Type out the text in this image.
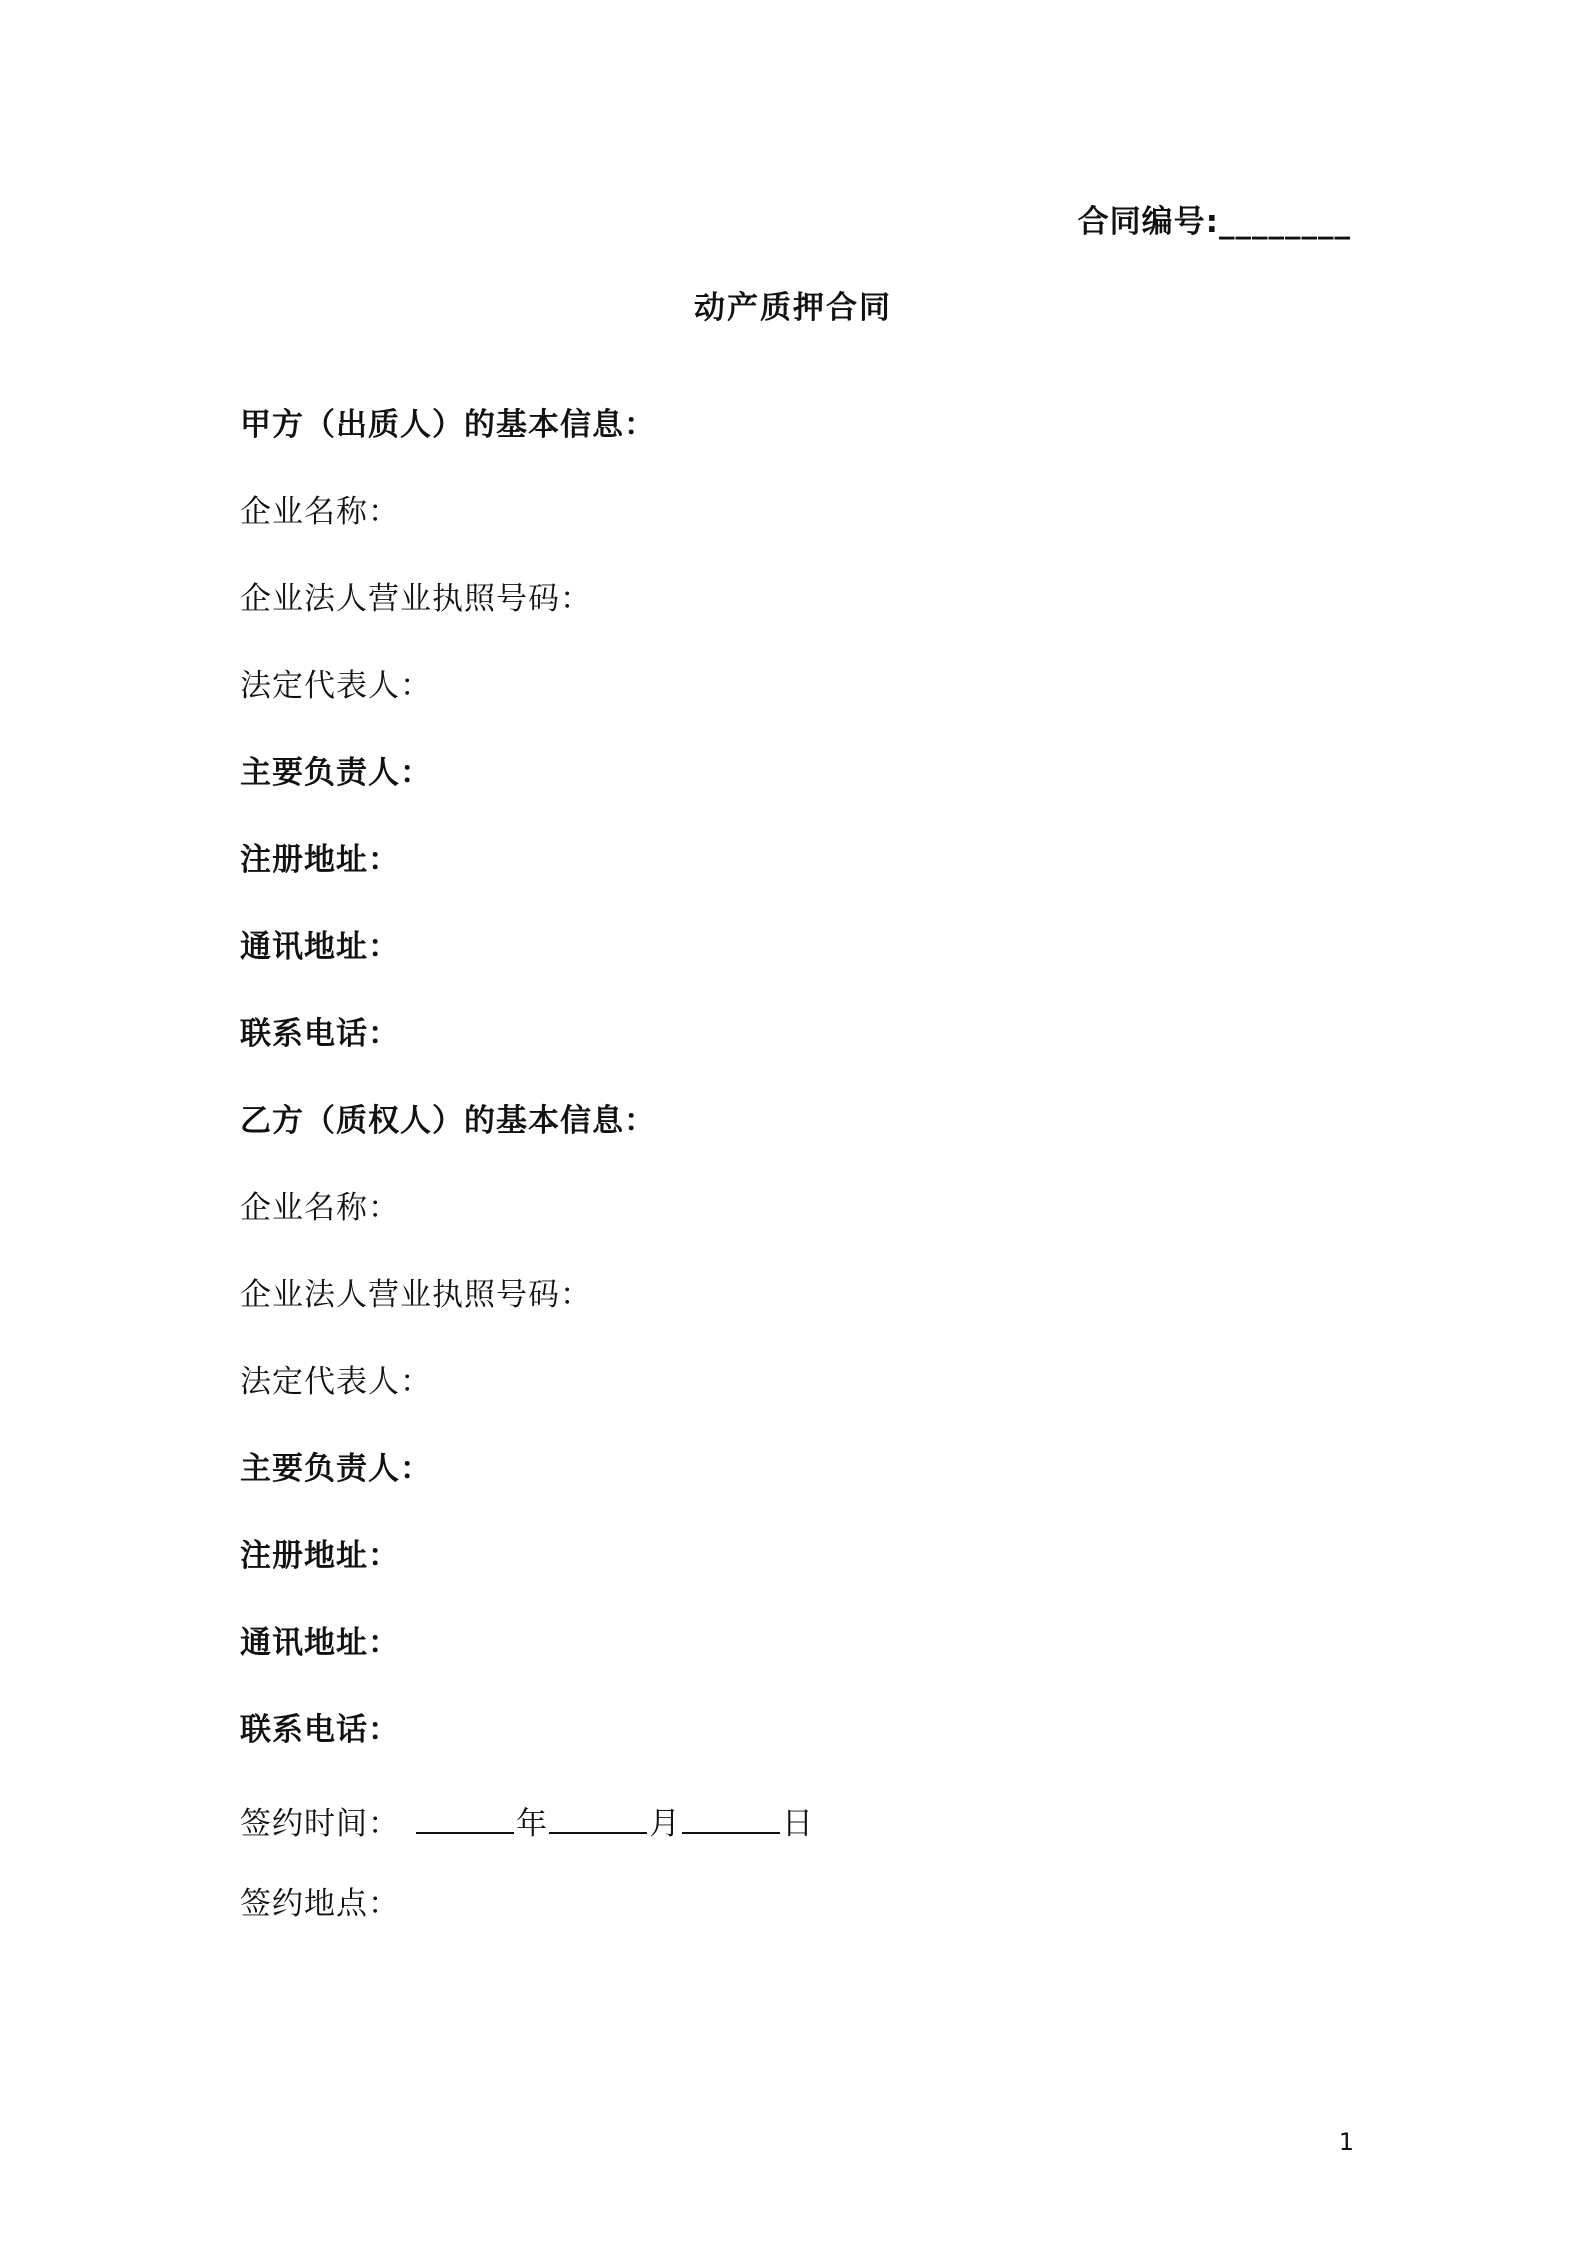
合同编号:________
动产质押合同
甲方（出质人）的基本信息：
企业名称：
企业法人营业执照号码：
法定代表人：
主要负责人：
注册地址：
通讯地址：
联系电话：
乙方（质权人）的基本信息：
企业名称：
企业法人营业执照号码：
法定代表人：
主要负责人：
注册地址：
通讯地址：
联系电话：
签约时间：	年	月	日
签约地点：
1
